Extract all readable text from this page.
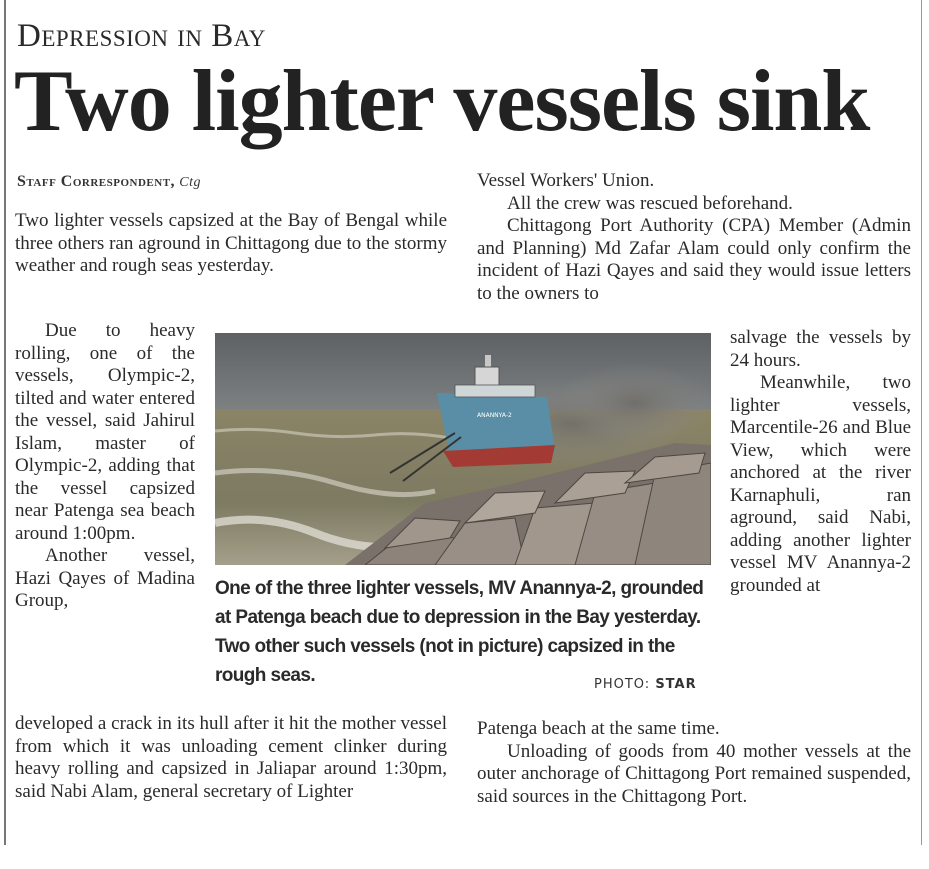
Depression in Bay
Two lighter vessels sink
Staff Correspondent, Ctg

Two lighter vessels capsized at the Bay of Bengal while three others ran aground in Chittagong due to the stormy weather and rough seas yesterday.

Due to heavy rolling, one of the vessels, Olympic-2, tilted and water entered the vessel, said Jahirul Islam, master of Olympic-2, adding that the vessel capsized near Patenga sea beach around 1:00pm.

Another vessel, Hazi Qayes of Madina Group,

developed a crack in its hull after it hit the mother vessel from which it was unloading cement clinker during heavy rolling and capsized in Jaliapar around 1:30pm, said Nabi Alam, general secretary of Lighter

Vessel Workers' Union.

All the crew was rescued beforehand.

Chittagong Port Authority (CPA) Member (Admin and Planning) Md Zafar Alam could only confirm the incident of Hazi Qayes and said they would issue letters to the owners to

salvage the vessels by 24 hours.

Meanwhile, two lighter vessels, Marcentile-26 and Blue View, which were anchored at the river Karnaphuli, ran aground, said Nabi, adding another lighter vessel MV Anannya-2 grounded at

Patenga beach at the same time.

Unloading of goods from 40 mother vessels at the outer anchorage of Chittagong Port remained suspended, said sources in the Chittagong Port.

ANANNYA-2
One of the three lighter vessels, MV Anannya-2, grounded at Patenga beach due to depression in the Bay yesterday. Two other such vessels (not in picture) capsized in the rough seas.	PHOTO: STAR
